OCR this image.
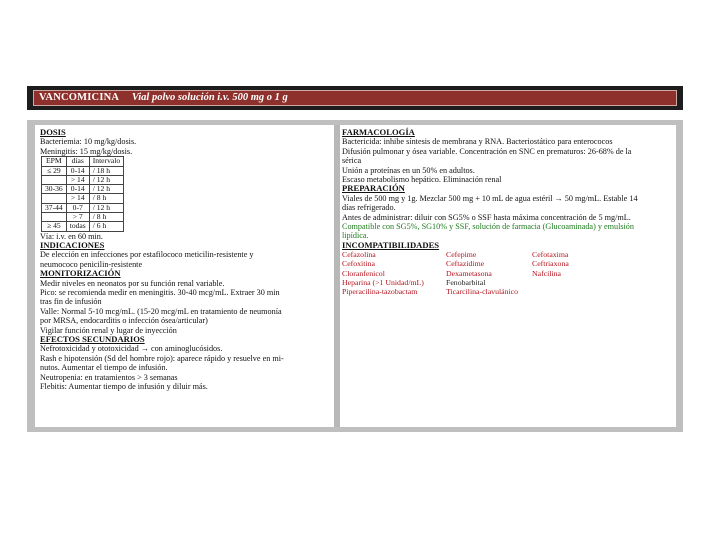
VANCOMICINA Vial polvo solución i.v. 500 mg o 1 g
DOSIS
Bacteriemia: 10 mg/kg/dosis.
Meningitis: 15 mg/kg/dosis.
EPM	días	Intervalo
≤ 29	0-14	/ 18 h
	> 14	/ 12 h
30-36	0-14	/ 12 h
	> 14	/ 8 h
37-44	0-7	/ 12 h
	> 7	/ 8 h
≥ 45	todas	/ 6 h
Vía: i.v. en 60 min.
INDICACIONES
De elección en infecciones por estafilococo meticilin-resistente y
neumococo penicilin-resistente
MONITORIZACIÓN
Medir niveles en neonatos por su función renal variable.
Pico: se recomienda medir en meningitis. 30-40 mcg/mL. Extraer 30 min
tras fin de infusión
Valle: Normal 5-10 mcg/mL. (15-20 mcg/mL en tratamiento de neumonía
por MRSA, endocarditis o infección ósea/articular)
Vigilar función renal y lugar de inyección
EFECTOS SECUNDARIOS
Nefrotoxicidad y ototoxicidad → con aminoglucósidos.
Rash e hipotensión (Sd del hombre rojo): aparece rápido y resuelve en mi-
nutos. Aumentar el tiempo de infusión.
Neutropenia: en tratamientos > 3 semanas
Flebitis: Aumentar tiempo de infusión y diluir más.
FARMACOLOGÍA
Bactericida: inhibe síntesis de membrana y RNA. Bacteriostático para enterococos
Difusión pulmonar y ósea variable. Concentración en SNC en prematuros: 26-68% de la
sérica
Unión a proteínas en un 50% en adultos.
Escaso metabolismo hepático. Eliminación renal
PREPARACIÓN
Viales de 500 mg y 1g. Mezclar 500 mg + 10 mL de agua estéril → 50 mg/mL. Estable 14
días refrigerado.
Antes de administrar: diluir con SG5% o SSF hasta máxima concentración de 5 mg/mL.
Compatible con SG5%, SG10% y SSF, solución de farmacia (Glucoaminada) y emulsión
lipídica.
INCOMPATIBILIDADES
Cefazolina	Cefepime	Cefotaxima
Cefoxitina	Ceftazidime	Ceftriaxona
Cloranfenicol	Dexametasona	Nafcilina
Heparina (>1 Unidad/mL)	Fenobarbital
Piperacilina-tazobactam	Ticarcilina-clavulánico
